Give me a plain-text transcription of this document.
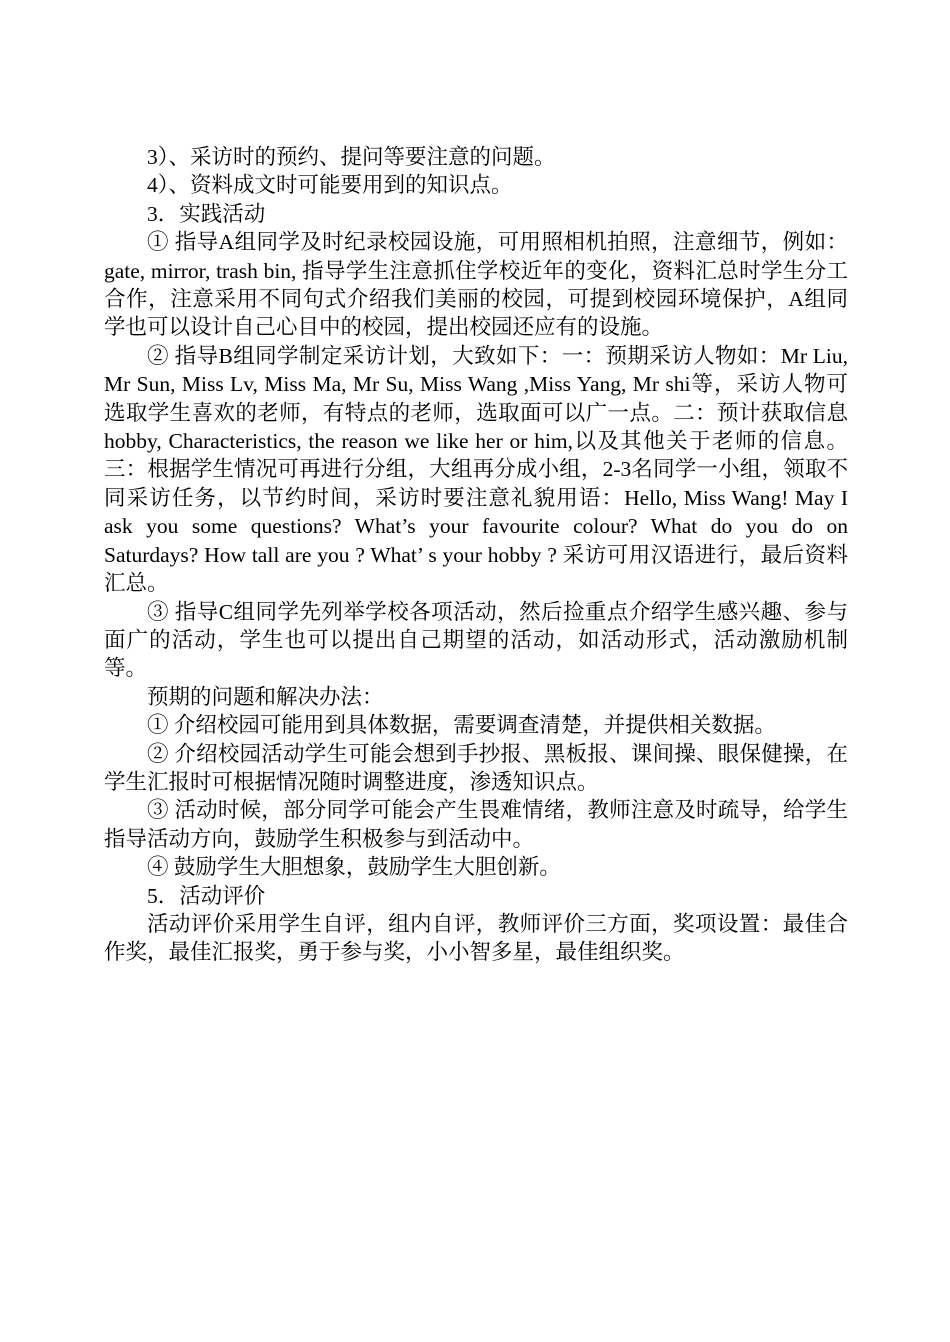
3）、采访时的预约、提问等要注意的问题。

4）、资料成文时可能要用到的知识点。

3．实践活动

① 指导A组同学及时纪录校园设施，可用照相机拍照，注意细节，例如：gate, mirror, trash bin, 指导学生注意抓住学校近年的变化，资料汇总时学生分工合作，注意采用不同句式介绍我们美丽的校园，可提到校园环境保护，A组同学也可以设计自己心目中的校园，提出校园还应有的设施。

② 指导B组同学制定采访计划，大致如下：一：预期采访人物如：Mr Liu, Mr Sun, Miss Lv, Miss Ma, Mr Su, Miss Wang ,Miss Yang, Mr shi等，采访人物可选取学生喜欢的老师，有特点的老师，选取面可以广一点。二：预计获取信息 hobby, Characteristics, the reason we like her or him,以及其他关于老师的信息。三：根据学生情况可再进行分组，大组再分成小组，2-3名同学一小组，领取不同采访任务，以节约时间，采访时要注意礼貌用语：Hello, Miss Wang! May I ask you some questions? What’s your favourite colour? What do you do on Saturdays? How tall are you ? What’ s your hobby ? 采访可用汉语进行，最后资料汇总。

③ 指导C组同学先列举学校各项活动，然后捡重点介绍学生感兴趣、参与面广的活动，学生也可以提出自己期望的活动，如活动形式，活动激励机制等。

预期的问题和解决办法：

① 介绍校园可能用到具体数据，需要调查清楚，并提供相关数据。

② 介绍校园活动学生可能会想到手抄报、黑板报、课间操、眼保健操，在学生汇报时可根据情况随时调整进度，渗透知识点。

③ 活动时候，部分同学可能会产生畏难情绪，教师注意及时疏导，给学生指导活动方向，鼓励学生积极参与到活动中。

④ 鼓励学生大胆想象，鼓励学生大胆创新。

5．活动评价

活动评价采用学生自评，组内自评，教师评价三方面，奖项设置：最佳合作奖，最佳汇报奖，勇于参与奖，小小智多星，最佳组织奖。
